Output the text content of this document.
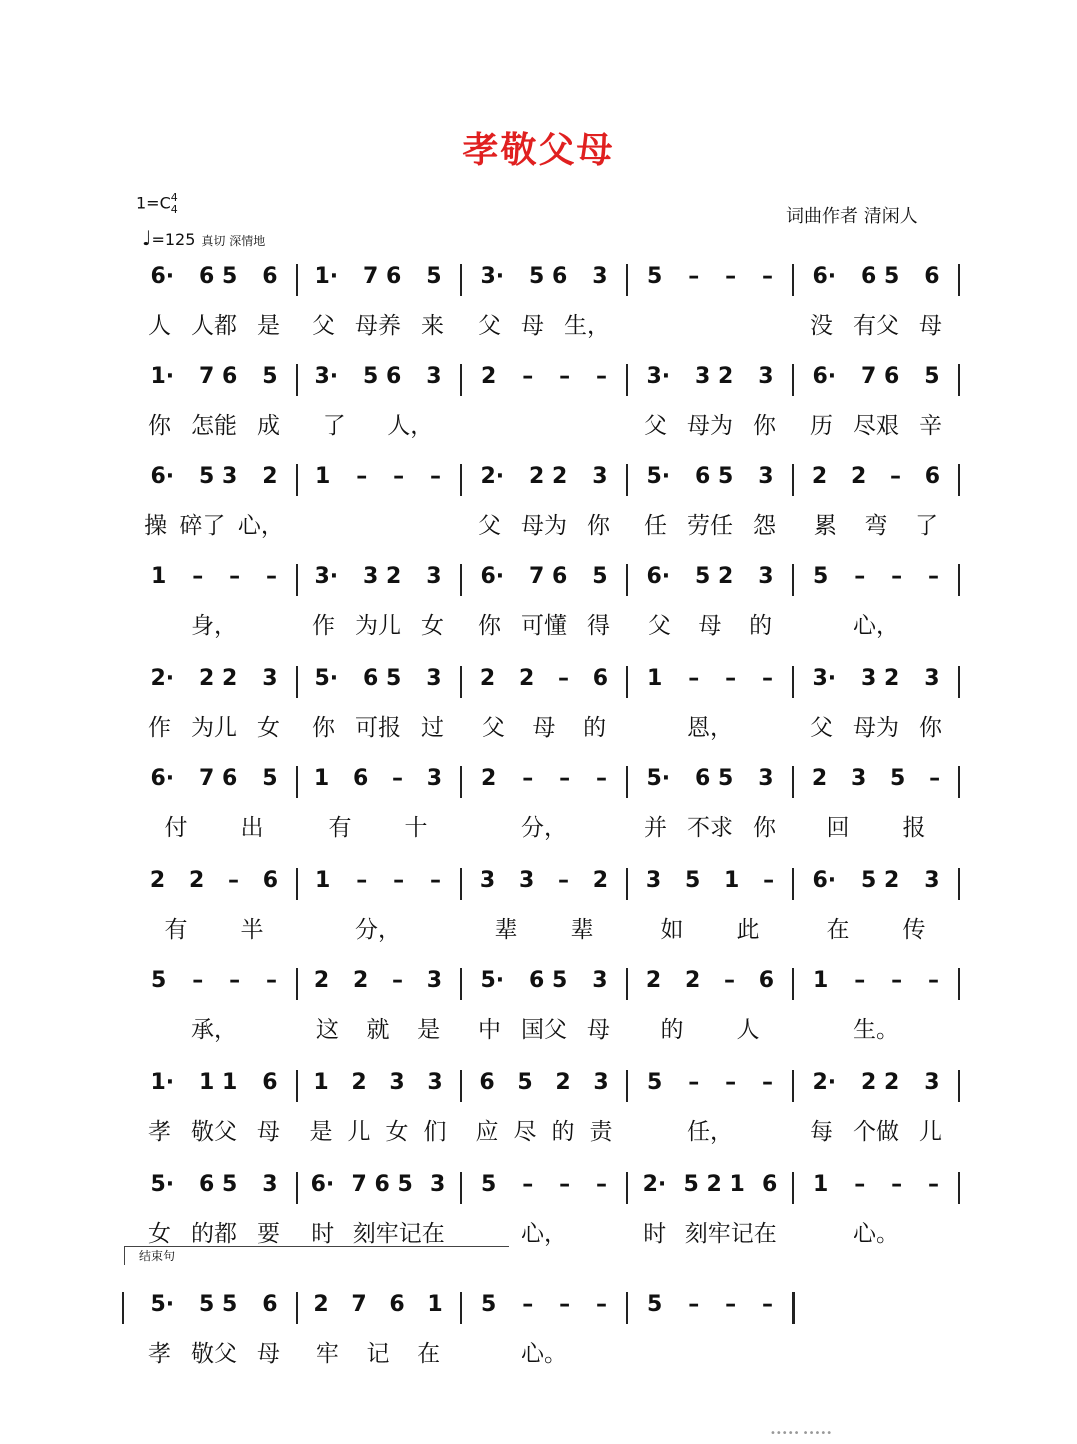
孝敬父母
1=C4
4
♩=125 真切 深情地
词曲作者 清闲人
6· 6 5 6
人 人都 是
1· 7 6 5
父 母养 来
3· 5 6 3
父 母 生，
5 – – – 6· 6 5 6
没 有父 母
1· 7 6 5
你 怎能 成
3· 5 6 3
了 人，
2 – – – 3· 3 2 3
父 母为 你
6· 7 6 5
历 尽艰 辛
6· 5 3 2
操 碎了 心，
1 – – – 2· 2 2 3
父 母为 你
5· 6 5 3
任 劳任 怨
2 2 – 6
累 弯 了
1 – – –
身，
3· 3 2 3
作 为儿 女
6· 7 6 5
你 可懂 得
6· 5 2 3
父 母 的
5 – – –
心，
2· 2 2 3
作 为儿 女
5· 6 5 3
你 可报 过
2 2 – 6
父 母 的
1 – – –
恩，
3· 3 2 3
父 母为 你
6· 7 6 5
付 出
1 6 – 3
有 十
2 – – –
分，
5· 6 5 3
并 不求 你
2 3 5 –
回 报
2 2 – 6
有 半
1 – – –
分，
3 3 – 2
辈 辈
3 5 1 –
如 此
6· 5 2 3
在 传
5 – – –
承，
2 2 – 3
这 就 是
5· 6 5 3
中 国父 母
2 2 – 6
的 人
1 – – –
生。
1· 1 1 6
孝 敬父 母
1 2 3 3
是 儿 女 们
6 5 2 3
应 尽 的 责
5 – – –
任，
2· 2 2 3
每 个做 儿
5· 6 5 3
女 的都 要
6· 7 6 5 3
时 刻牢记在
5 – – –
心，
2· 5 2 1 6
时 刻牢记在
1 – – –
心。
5· 5 5 6
孝 敬父 母
2 7 6 1
牢 记 在
5 – – –
心。
5 – – –
结束句
••••• •••••
